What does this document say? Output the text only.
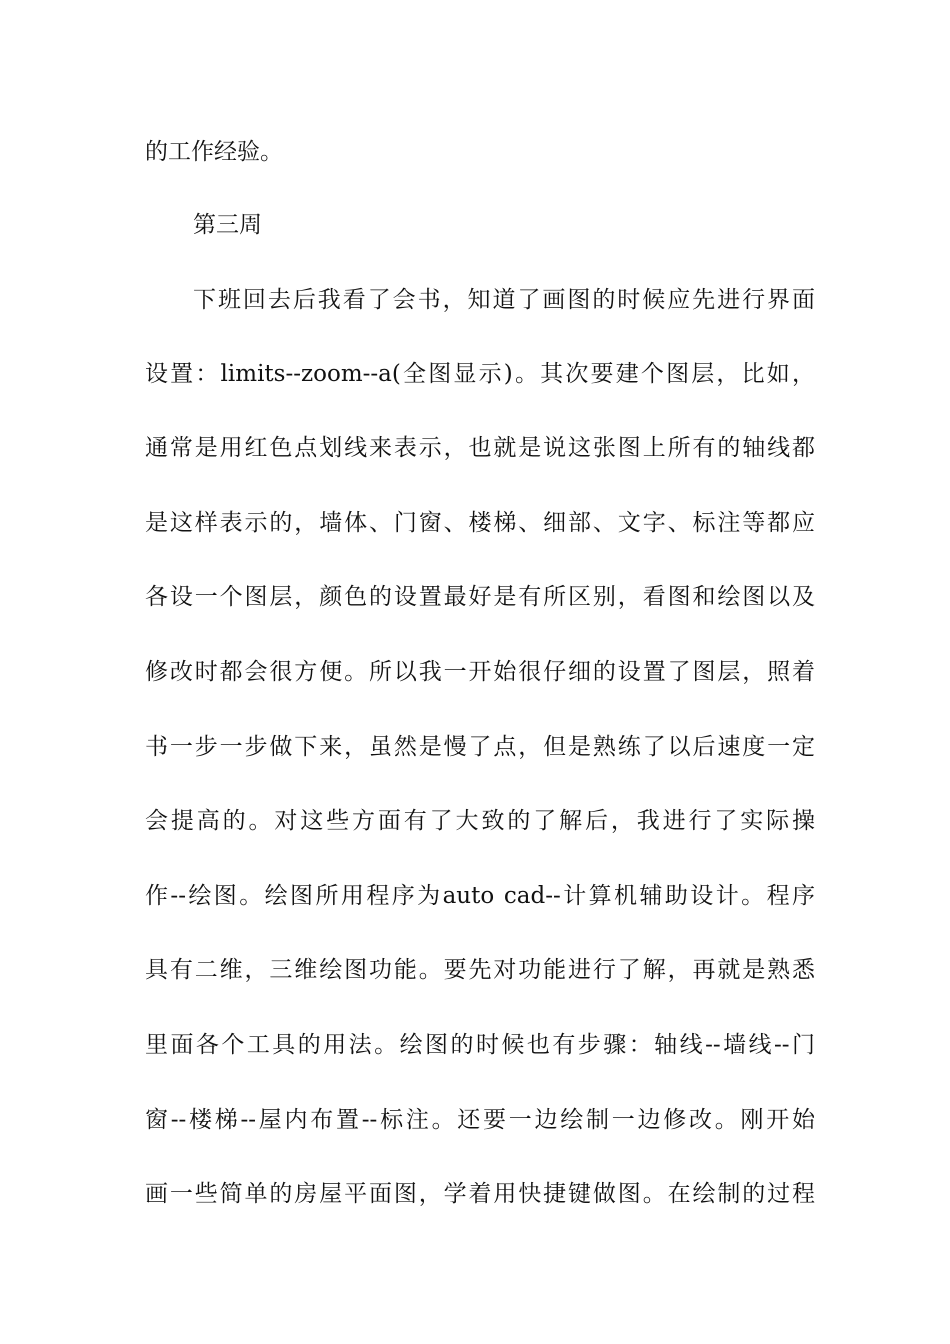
的工作经验。
第三周
下班回去后我看了会书，知道了画图的时候应先进行界面
设置：limits--zoom--a(全图显示)。其次要建个图层，比如，
通常是用红色点划线来表示，也就是说这张图上所有的轴线都
是这样表示的，墙体、门窗、楼梯、细部、文字、标注等都应
各设一个图层，颜色的设置最好是有所区别，看图和绘图以及
修改时都会很方便。所以我一开始很仔细的设置了图层，照着
书一步一步做下来，虽然是慢了点，但是熟练了以后速度一定
会提高的。对这些方面有了大致的了解后，我进行了实际操
作--绘图。绘图所用程序为auto cad--计算机辅助设计。程序
具有二维，三维绘图功能。要先对功能进行了解，再就是熟悉
里面各个工具的用法。绘图的时候也有步骤：轴线--墙线--门
窗--楼梯--屋内布置--标注。还要一边绘制一边修改。刚开始
画一些简单的房屋平面图，学着用快捷键做图。在绘制的过程
